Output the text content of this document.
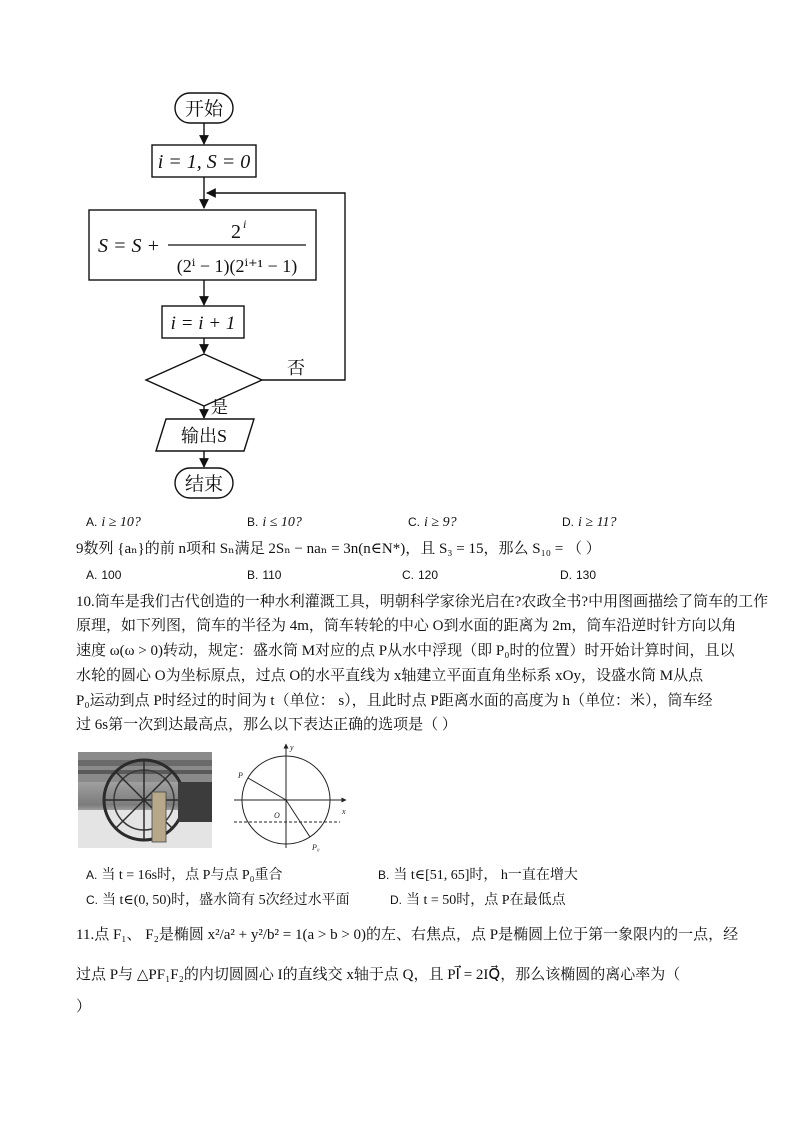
开始
i = 1, S = 0
S = S +
2 i
(2ⁱ − 1)(2ⁱ⁺¹ − 1)
i = i + 1
否
是
输出S
结束
A. i ≥ 10?	B. i ≤ 10?	C. i ≥ 9?	D. i ≥ 11?
9数列 {aₙ}的前 n项和 Sₙ满足 2Sₙ − naₙ = 3n(n∈N*)，且 S₃ = 15，那么 S₁₀ = （ ）
A. 100	B. 110	C. 120	D. 130
10.筒车是我们古代创造的一种水利灌溉工具，明朝科学家徐光启在?农政全书?中用图画描绘了筒车的工作
原理，如下列图，筒车的半径为 4m，筒车转轮的中心 O到水面的距离为 2m，筒车沿逆时针方向以角
速度 ω(ω > 0)转动，规定：盛水筒 M对应的点 P从水中浮现（即 P₀时的位置）时开始计算时间，且以
水轮的圆心 O为坐标原点，过点 O的水平直线为 x轴建立平面直角坐标系 xOy，设盛水筒 M从点
P₀运动到点 P时经过的时间为 t（单位： s），且此时点 P距离水面的高度为 h（单位：米），筒车经
过 6s第一次到达最高点，那么以下表达正确的选项是（ ）
y
x
O
P
P₀
A. 当 t = 16s时，点 P与点 P₀重合	B. 当 t∈[51, 65]时， h一直在增大
C. 当 t∈(0, 50)时，盛水筒有 5次经过水平面	D. 当 t = 50时，点 P在最低点
11.点 F₁、 F₂是椭圆 x²/a² + y²/b² = 1(a > b > 0)的左、右焦点，点 P是椭圆上位于第一象限内的一点，经
过点 P与 △PF₁F₂的内切圆圆心 I的直线交 x轴于点 Q，且 PI⃗ = 2IQ⃗，那么该椭圆的离心率为（
）
